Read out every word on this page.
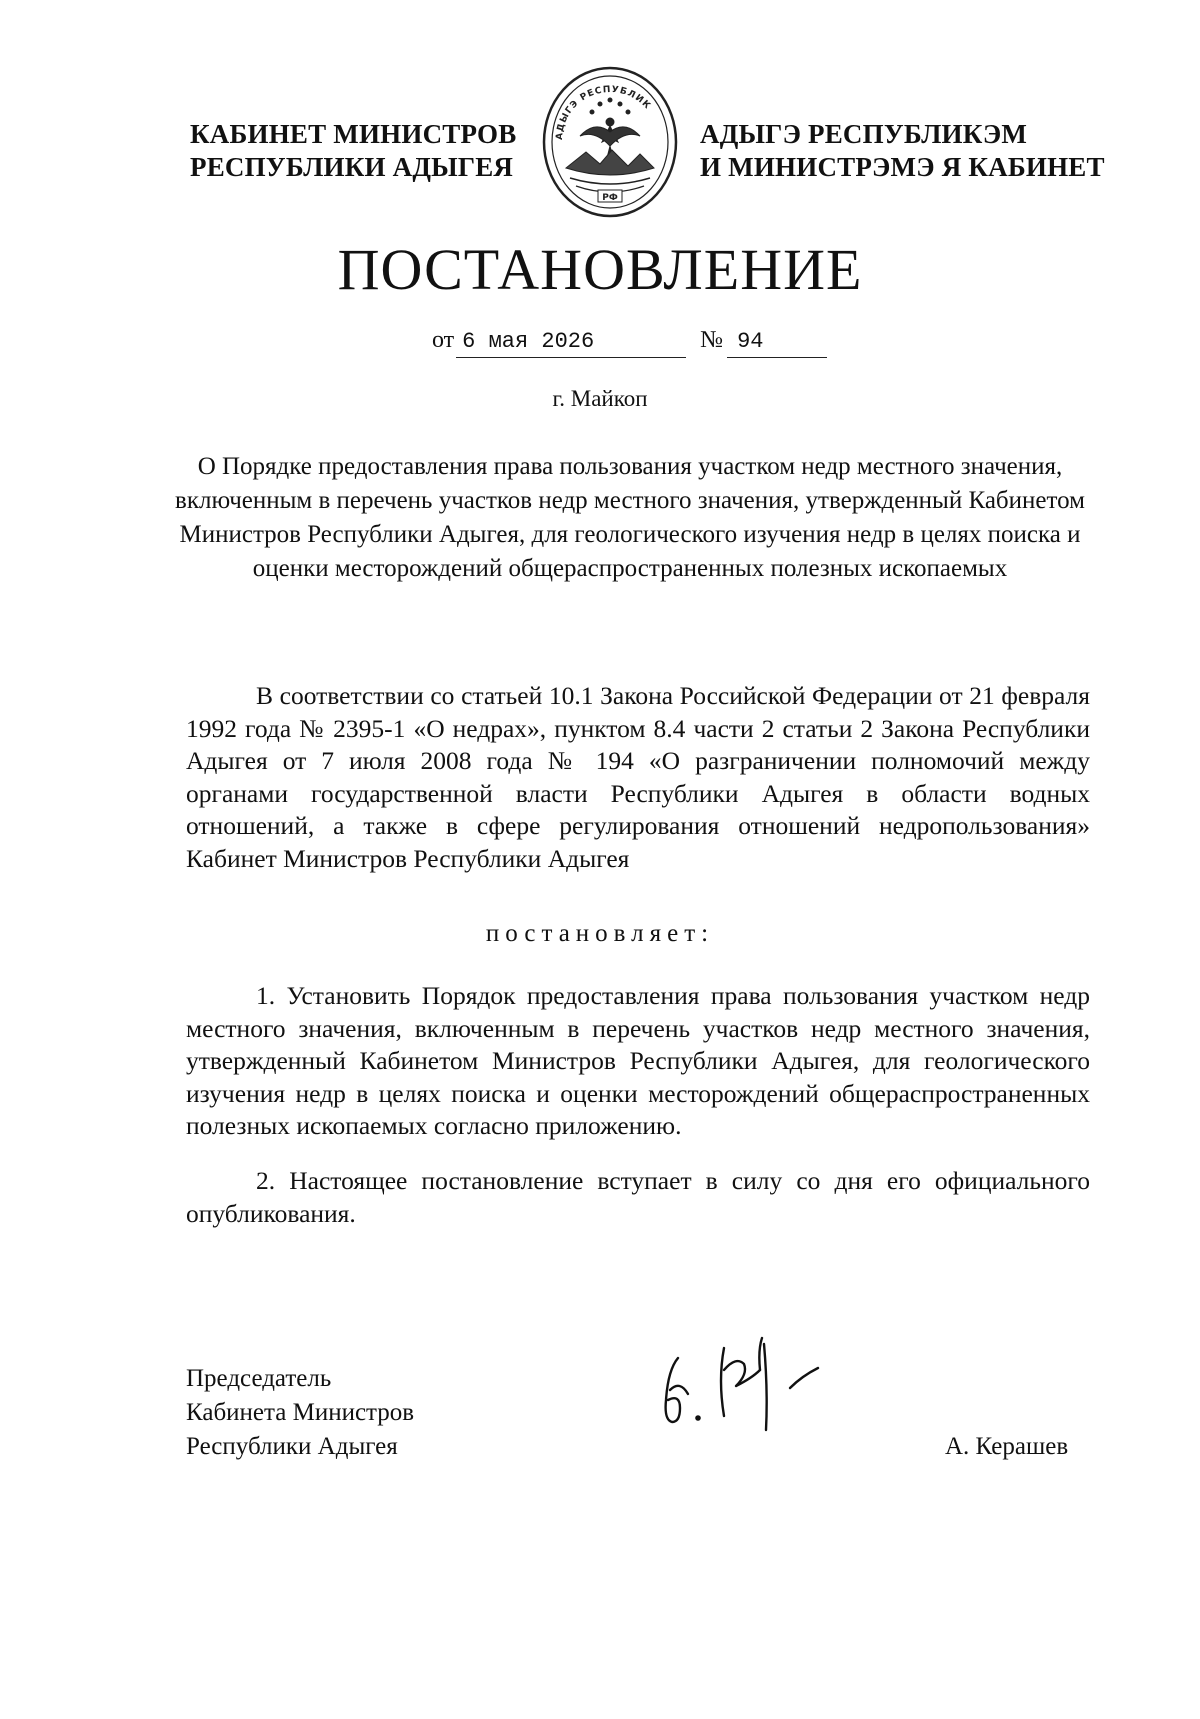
КАБИНЕТ МИНИСТРОВ
РЕСПУБЛИКИ АДЫГЕЯ
АДЫГЭ РЕСПУБЛИК
РФ
АДЫГЭ РЕСПУБЛИКЭМ
И МИНИСТРЭМЭ Я КАБИНЕТ
ПОСТАНОВЛЕНИЕ
от 6 мая 2026	№ 94
г. Майкоп
О Порядке предоставления права пользования участком недр местного значения, включенным в перечень участков недр местного значения, утвержденный Кабинетом Министров Республики Адыгея, для геологического изучения недр в целях поиска и оценки месторождений общераспространенных полезных ископаемых
В соответствии со статьей 10.1 Закона Российской Федерации от 21 февраля 1992 года № 2395-1 «О недрах», пунктом 8.4 части 2 статьи 2 Закона Республики Адыгея от 7 июля 2008 года № 194 «О разграничении полномочий между органами государственной власти Республики Адыгея в области водных отношений, а также в сфере регулирования отношений недропользования» Кабинет Министров Республики Адыгея
постановляет:
1. Установить Порядок предоставления права пользования участком недр местного значения, включенным в перечень участков недр местного значения, утвержденный Кабинетом Министров Республики Адыгея, для геологического изучения недр в целях поиска и оценки месторождений общераспространенных полезных ископаемых согласно приложению.
2. Настоящее постановление вступает в силу со дня его официального опубликования.
Председатель
Кабинета Министров
Республики Адыгея	А. Керашев
